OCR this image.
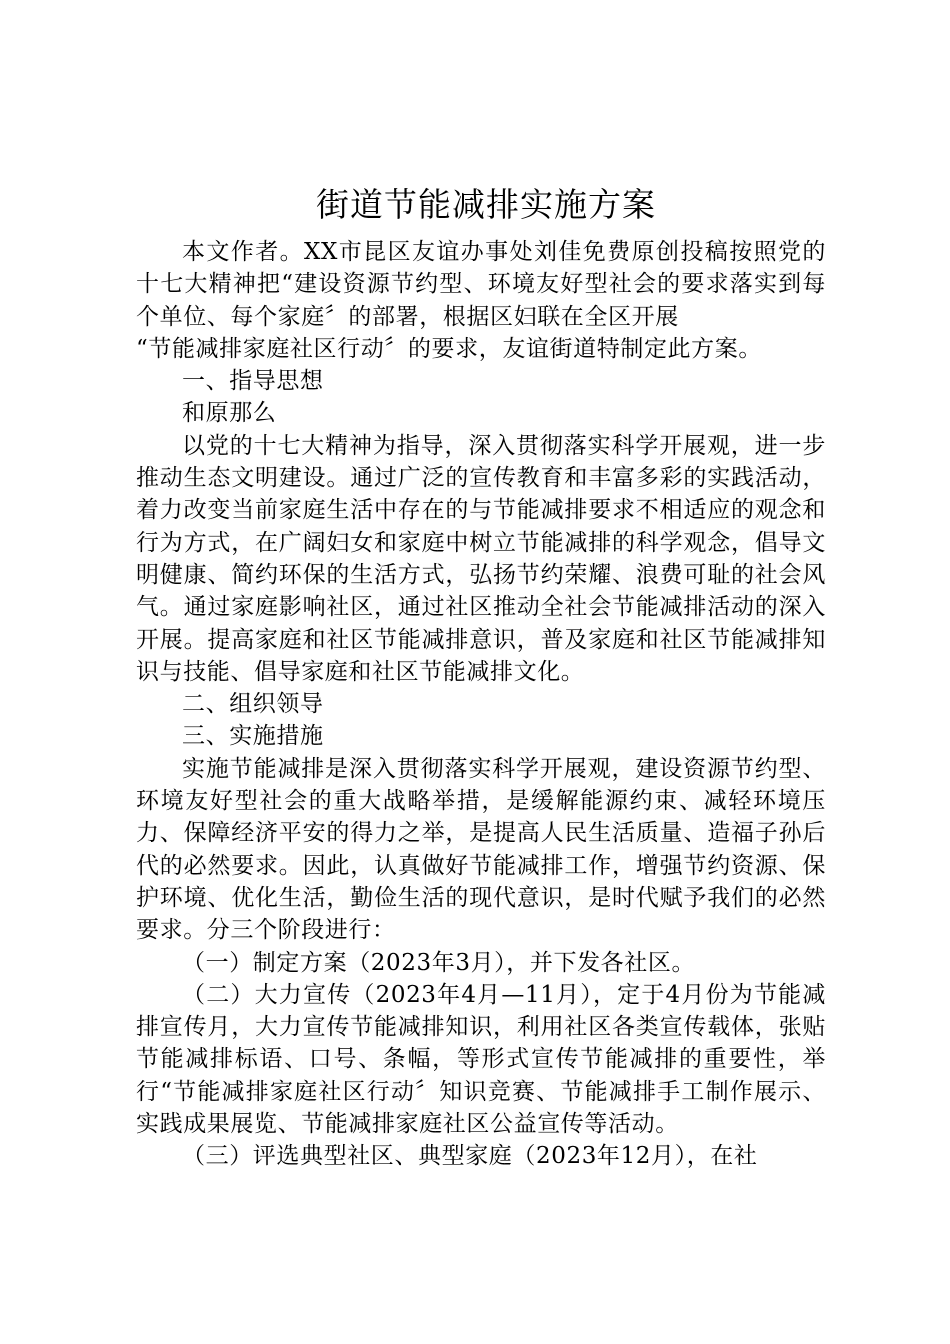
街道节能减排实施方案

本文作者。XX市昆区友谊办事处刘佳免费原创投稿按照党的十七大精神把“建设资源节约型、环境友好型社会的要求落实到每个单位、每个家庭〞的部署，根据区妇联在全区开展

“节能减排家庭社区行动〞的要求，友谊街道特制定此方案。

一、指导思想

和原那么

以党的十七大精神为指导，深入贯彻落实科学开展观，进一步推动生态文明建设。通过广泛的宣传教育和丰富多彩的实践活动，着力改变当前家庭生活中存在的与节能减排要求不相适应的观念和行为方式，在广阔妇女和家庭中树立节能减排的科学观念，倡导文明健康、简约环保的生活方式，弘扬节约荣耀、浪费可耻的社会风气。通过家庭影响社区，通过社区推动全社会节能减排活动的深入开展。提高家庭和社区节能减排意识，普及家庭和社区节能减排知识与技能、倡导家庭和社区节能减排文化。

二、组织领导

三、实施措施

实施节能减排是深入贯彻落实科学开展观，建设资源节约型、环境友好型社会的重大战略举措，是缓解能源约束、减轻环境压力、保障经济平安的得力之举，是提高人民生活质量、造福子孙后代的必然要求。因此，认真做好节能减排工作，增强节约资源、保护环境、优化生活，勤俭生活的现代意识，是时代赋予我们的必然要求。分三个阶段进行：

（一）制定方案（2023年3月），并下发各社区。

（二）大力宣传（2023年4月—11月），定于4月份为节能减排宣传月，大力宣传节能减排知识，利用社区各类宣传载体，张贴节能减排标语、口号、条幅，等形式宣传节能减排的重要性，举行“节能减排家庭社区行动〞知识竞赛、节能减排手工制作展示、实践成果展览、节能减排家庭社区公益宣传等活动。

（三）评选典型社区、典型家庭（2023年12月），在社
